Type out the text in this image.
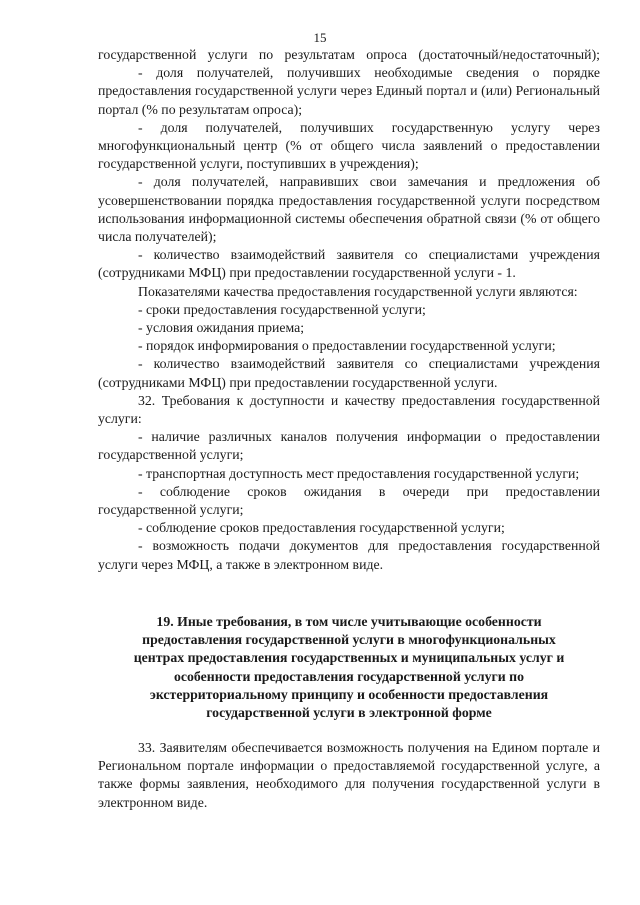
15

государственной услуги по результатам опроса (достаточный/недостаточный);

- доля получателей, получивших необходимые сведения о порядке предоставления государственной услуги через Единый портал и (или) Региональный портал (% по результатам опроса);

- доля получателей, получивших государственную услугу через многофункциональный центр (% от общего числа заявлений о предоставлении государственной услуги, поступивших в учреждения);

- доля получателей, направивших свои замечания и предложения об усовершенствовании порядка предоставления государственной услуги посредством использования информационной системы обеспечения обратной связи (% от общего числа получателей);

- количество взаимодействий заявителя со специалистами учреждения (сотрудниками МФЦ) при предоставлении государственной услуги - 1.

Показателями качества предоставления государственной услуги являются:

- сроки предоставления государственной услуги;

- условия ожидания приема;

- порядок информирования о предоставлении государственной услуги;

- количество взаимодействий заявителя со специалистами учреждения (сотрудниками МФЦ) при предоставлении государственной услуги.

32. Требования к доступности и качеству предоставления государственной услуги:

- наличие различных каналов получения информации о предоставлении государственной услуги;

- транспортная доступность мест предоставления государственной услуги;

- соблюдение сроков ожидания в очереди при предоставлении государственной услуги;

- соблюдение сроков предоставления государственной услуги;

- возможность подачи документов для предоставления государственной услуги через МФЦ, а также в электронном виде.

19. Иные требования, в том числе учитывающие особенности
предоставления государственной услуги в многофункциональных
центрах предоставления государственных и муниципальных услуг и
особенности предоставления государственной услуги по
экстерриториальному принципу и особенности предоставления
государственной услуги в электронной форме

33. Заявителям обеспечивается возможность получения на Едином портале и Региональном портале информации о предоставляемой государственной услуге, а также формы заявления, необходимого для получения государственной услуги в электронном виде.
